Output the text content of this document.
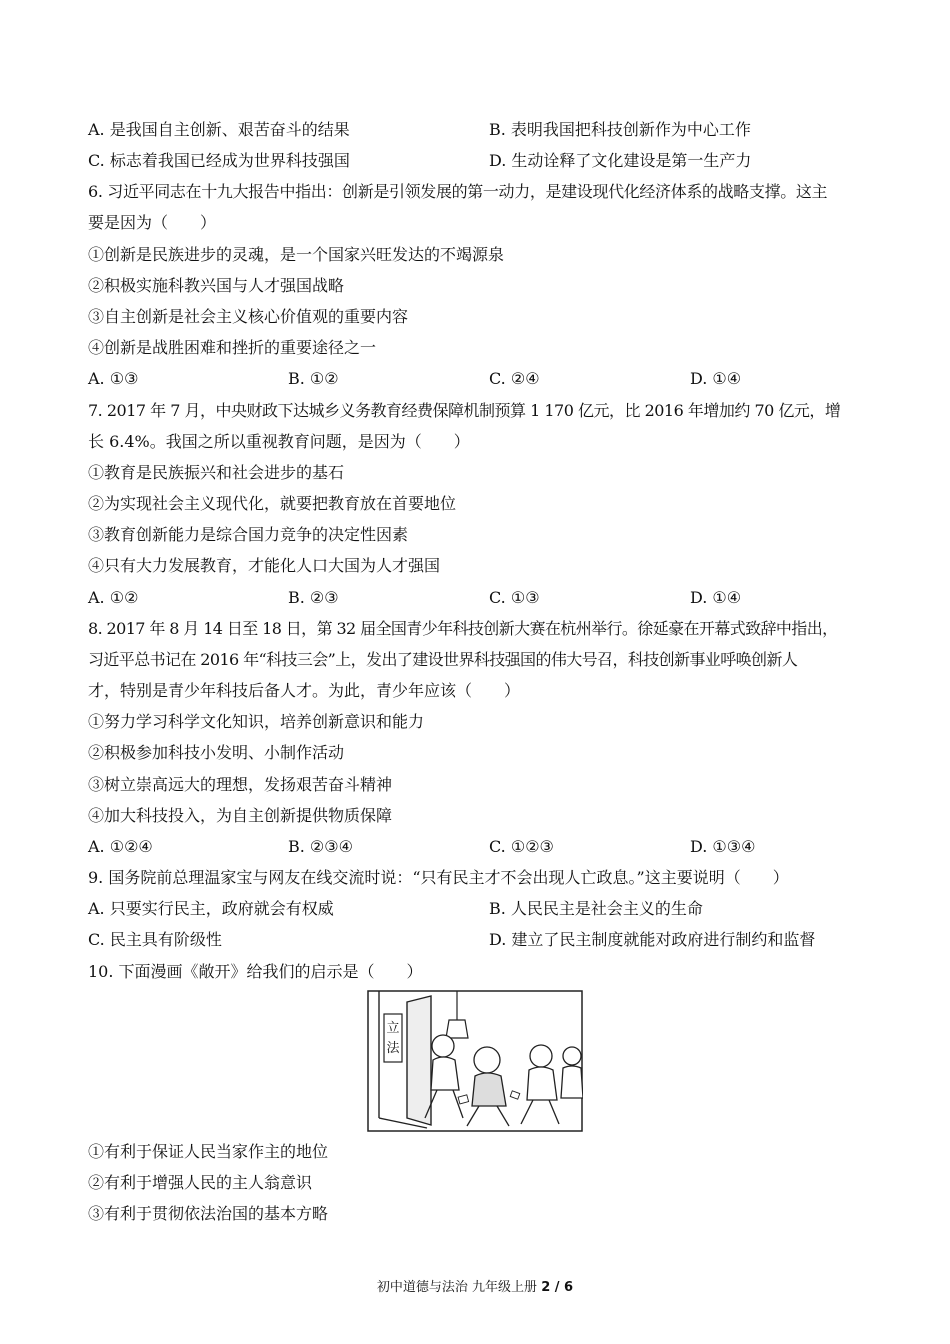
A. 是我国自主创新、艰苦奋斗的结果	B. 表明我国把科技创新作为中心工作
C. 标志着我国已经成为世界科技强国	D. 生动诠释了文化建设是第一生产力
6. 习近平同志在十九大报告中指出：创新是引领发展的第一动力，是建设现代化经济体系的战略支撑。这主
要是因为（　　）
①创新是民族进步的灵魂，是一个国家兴旺发达的不竭源泉
②积极实施科教兴国与人才强国战略
③自主创新是社会主义核心价值观的重要内容
④创新是战胜困难和挫折的重要途径之一
A. ①③	B. ①②	C. ②④	D. ①④
7. 2017 年 7 月，中央财政下达城乡义务教育经费保障机制预算 1 170 亿元，比 2016 年增加约 70 亿元，增
长 6.4%。我国之所以重视教育问题，是因为（　　）
①教育是民族振兴和社会进步的基石
②为实现社会主义现代化，就要把教育放在首要地位
③教育创新能力是综合国力竞争的决定性因素
④只有大力发展教育，才能化人口大国为人才强国
A. ①②	B. ②③	C. ①③	D. ①④
8. 2017 年 8 月 14 日至 18 日，第 32 届全国青少年科技创新大赛在杭州举行。徐延豪在开幕式致辞中指出，
习近平总书记在 2016 年“科技三会”上，发出了建设世界科技强国的伟大号召，科技创新事业呼唤创新人
才，特别是青少年科技后备人才。为此，青少年应该（　　）
①努力学习科学文化知识，培养创新意识和能力
②积极参加科技小发明、小制作活动
③树立崇高远大的理想，发扬艰苦奋斗精神
④加大科技投入，为自主创新提供物质保障
A. ①②④	B. ②③④	C. ①②③	D. ①③④
9. 国务院前总理温家宝与网友在线交流时说：“只有民主才不会出现人亡政息。”这主要说明（　　）
A. 只要实行民主，政府就会有权威	B. 人民民主是社会主义的生命
C. 民主具有阶级性	D. 建立了民主制度就能对政府进行制约和监督
10. 下面漫画《敞开》给我们的启示是（　　）
立
法
①有利于保证人民当家作主的地位
②有利于增强人民的主人翁意识
③有利于贯彻依法治国的基本方略
初中道德与法治 九年级上册 2 / 6
